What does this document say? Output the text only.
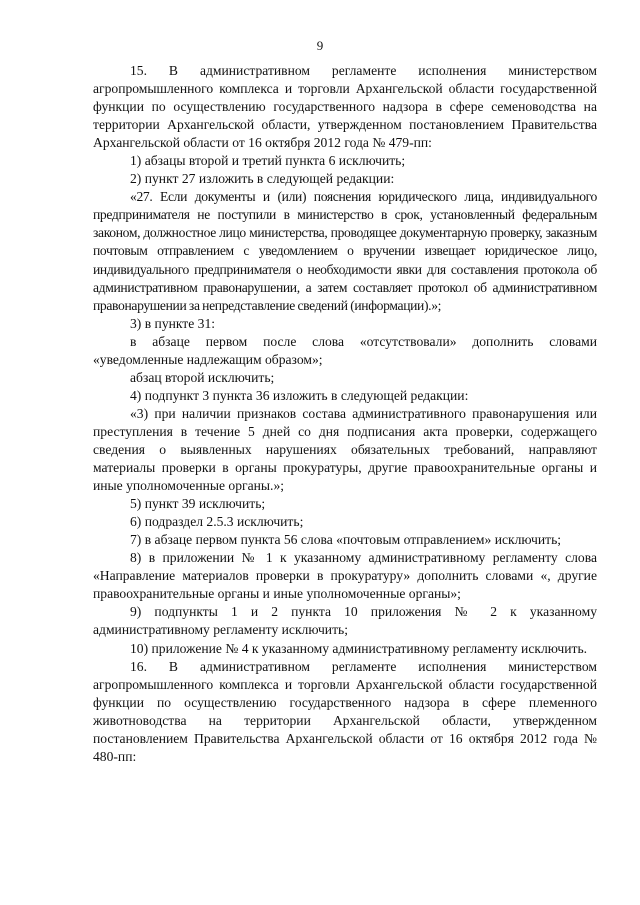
9

15. В административном регламенте исполнения министерством агропромышленного комплекса и торговли Архангельской области государственной функции по осуществлению государственного надзора в сфере семеноводства на территории Архангельской области, утвержденном постановлением Правительства Архангельской области от 16 октября 2012 года № 479-пп:

1) абзацы второй и третий пункта 6 исключить;

2) пункт 27 изложить в следующей редакции:

«27. Если документы и (или) пояснения юридического лица, индивидуального предпринимателя не поступили в министерство в срок, установленный федеральным законом, должностное лицо министерства, проводящее документарную проверку, заказным почтовым отправлением с уведомлением о вручении извещает юридическое лицо, индивидуального предпринимателя о необходимости явки для составления протокола об административном правонарушении, а затем составляет протокол об административном правонарушении за непредставление сведений (информации).»;

3) в пункте 31:

в абзаце первом после слова «отсутствовали» дополнить словами «уведомленные надлежащим образом»;

абзац второй исключить;

4) подпункт 3 пункта 36 изложить в следующей редакции:

«3) при наличии признаков состава административного правонарушения или преступления в течение 5 дней со дня подписания акта проверки, содержащего сведения о выявленных нарушениях обязательных требований, направляют материалы проверки в органы прокуратуры, другие правоохранительные органы и иные уполномоченные органы.»;

5) пункт 39 исключить;

6) подраздел 2.5.3 исключить;

7) в абзаце первом пункта 56 слова «почтовым отправлением» исключить;

8) в приложении № 1 к указанному административному регламенту слова «Направление материалов проверки в прокуратуру» дополнить словами «, другие правоохранительные органы и иные уполномоченные органы»;

9) подпункты 1 и 2 пункта 10 приложения № 2 к указанному административному регламенту исключить;

10) приложение № 4 к указанному административному регламенту исключить.

16. В административном регламенте исполнения министерством агропромышленного комплекса и торговли Архангельской области государственной функции по осуществлению государственного надзора в сфере племенного животноводства на территории Архангельской области, утвержденном постановлением Правительства Архангельской области от 16 октября 2012 года № 480-пп:
